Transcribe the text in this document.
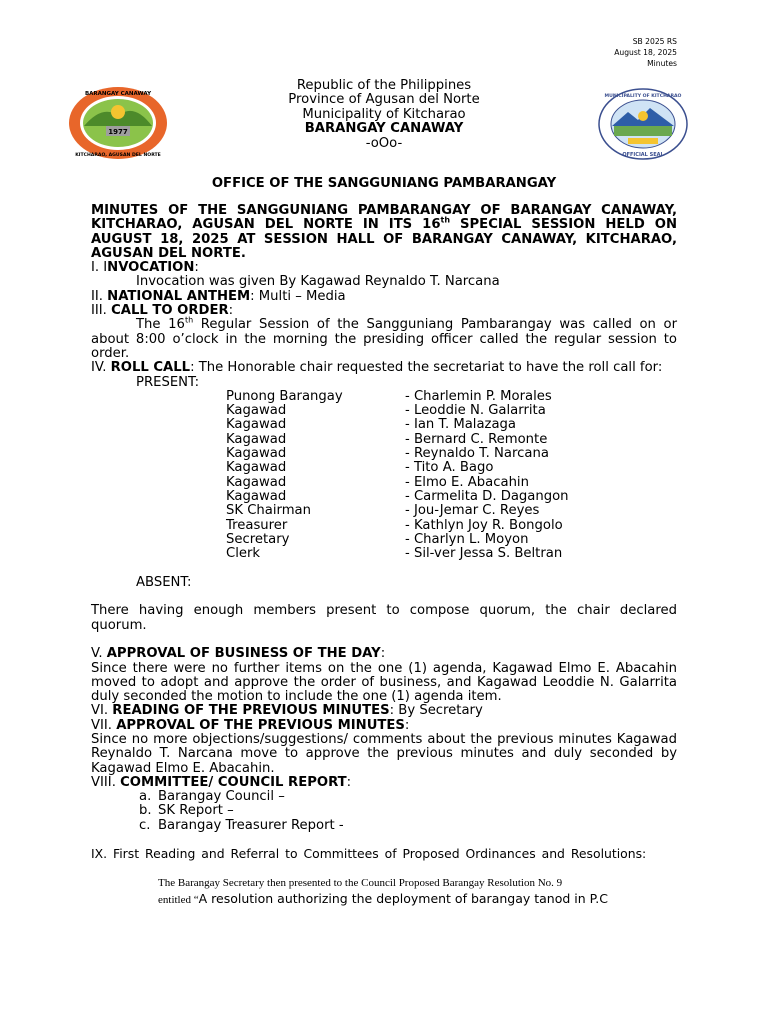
SB 2025 RS
August 18, 2025
Minutes
1977
BARANGAY CANAWAY
KITCHARAO, AGUSAN DEL NORTE
MUNICIPALITY OF KITCHARAO
OFFICIAL SEAL
Republic of the Philippines
Province of Agusan del Norte
Municipality of Kitcharao
BARANGAY CANAWAY
-oOo-
OFFICE OF THE SANGGUNIANG PAMBARANGAY
MINUTES OF THE SANGGUNIANG PAMBARANGAY OF BARANGAY CANAWAY, KITCHARAO, AGUSAN DEL NORTE IN ITS 16th SPECIAL SESSION HELD ON AUGUST 18, 2025 AT SESSION HALL OF BARANGAY CANAWAY, KITCHARAO, AGUSAN DEL NORTE.
I. INVOCATION:
Invocation was given By Kagawad Reynaldo T. Narcana
II. NATIONAL ANTHEM: Multi – Media
III. CALL TO ORDER:
The 16th Regular Session of the Sangguniang Pambarangay was called on or about 8:00 o’clock in the morning the presiding officer called the regular session to order.
IV. ROLL CALL: The Honorable chair requested the secretariat to have the roll call for:
PRESENT:
Punong Barangay	- Charlemin P. Morales
Kagawad	- Leoddie N. Galarrita
Kagawad	- Ian T. Malazaga
Kagawad	- Bernard C. Remonte
Kagawad	- Reynaldo T. Narcana
Kagawad	- Tito A. Bago
Kagawad	- Elmo E. Abacahin
Kagawad	- Carmelita D. Dagangon
SK Chairman	- Jou-Jemar C. Reyes
Treasurer	- Kathlyn Joy R. Bongolo
Secretary	- Charlyn L. Moyon
Clerk	- Sil-ver Jessa S. Beltran
ABSENT:
There having enough members present to compose quorum, the chair declared quorum.
V. APPROVAL OF BUSINESS OF THE DAY:
Since there were no further items on the one (1) agenda, Kagawad Elmo E. Abacahin moved to adopt and approve the order of business, and Kagawad Leoddie N. Galarrita duly seconded the motion to include the one (1) agenda item.
VI. READING OF THE PREVIOUS MINUTES: By Secretary
VII. APPROVAL OF THE PREVIOUS MINUTES:
Since no more objections/suggestions/ comments about the previous minutes Kagawad Reynaldo T. Narcana move to approve the previous minutes and duly seconded by Kagawad Elmo E. Abacahin.
VIII. COMMITTEE/ COUNCIL REPORT:
a. Barangay Council –
b. SK Report –
c. Barangay Treasurer Report -
IX. First Reading and Referral to Committees of Proposed Ordinances and Resolutions:
The Barangay Secretary then presented to the Council Proposed Barangay Resolution No. 9
entitled “A resolution authorizing the deployment of barangay tanod in P.C
